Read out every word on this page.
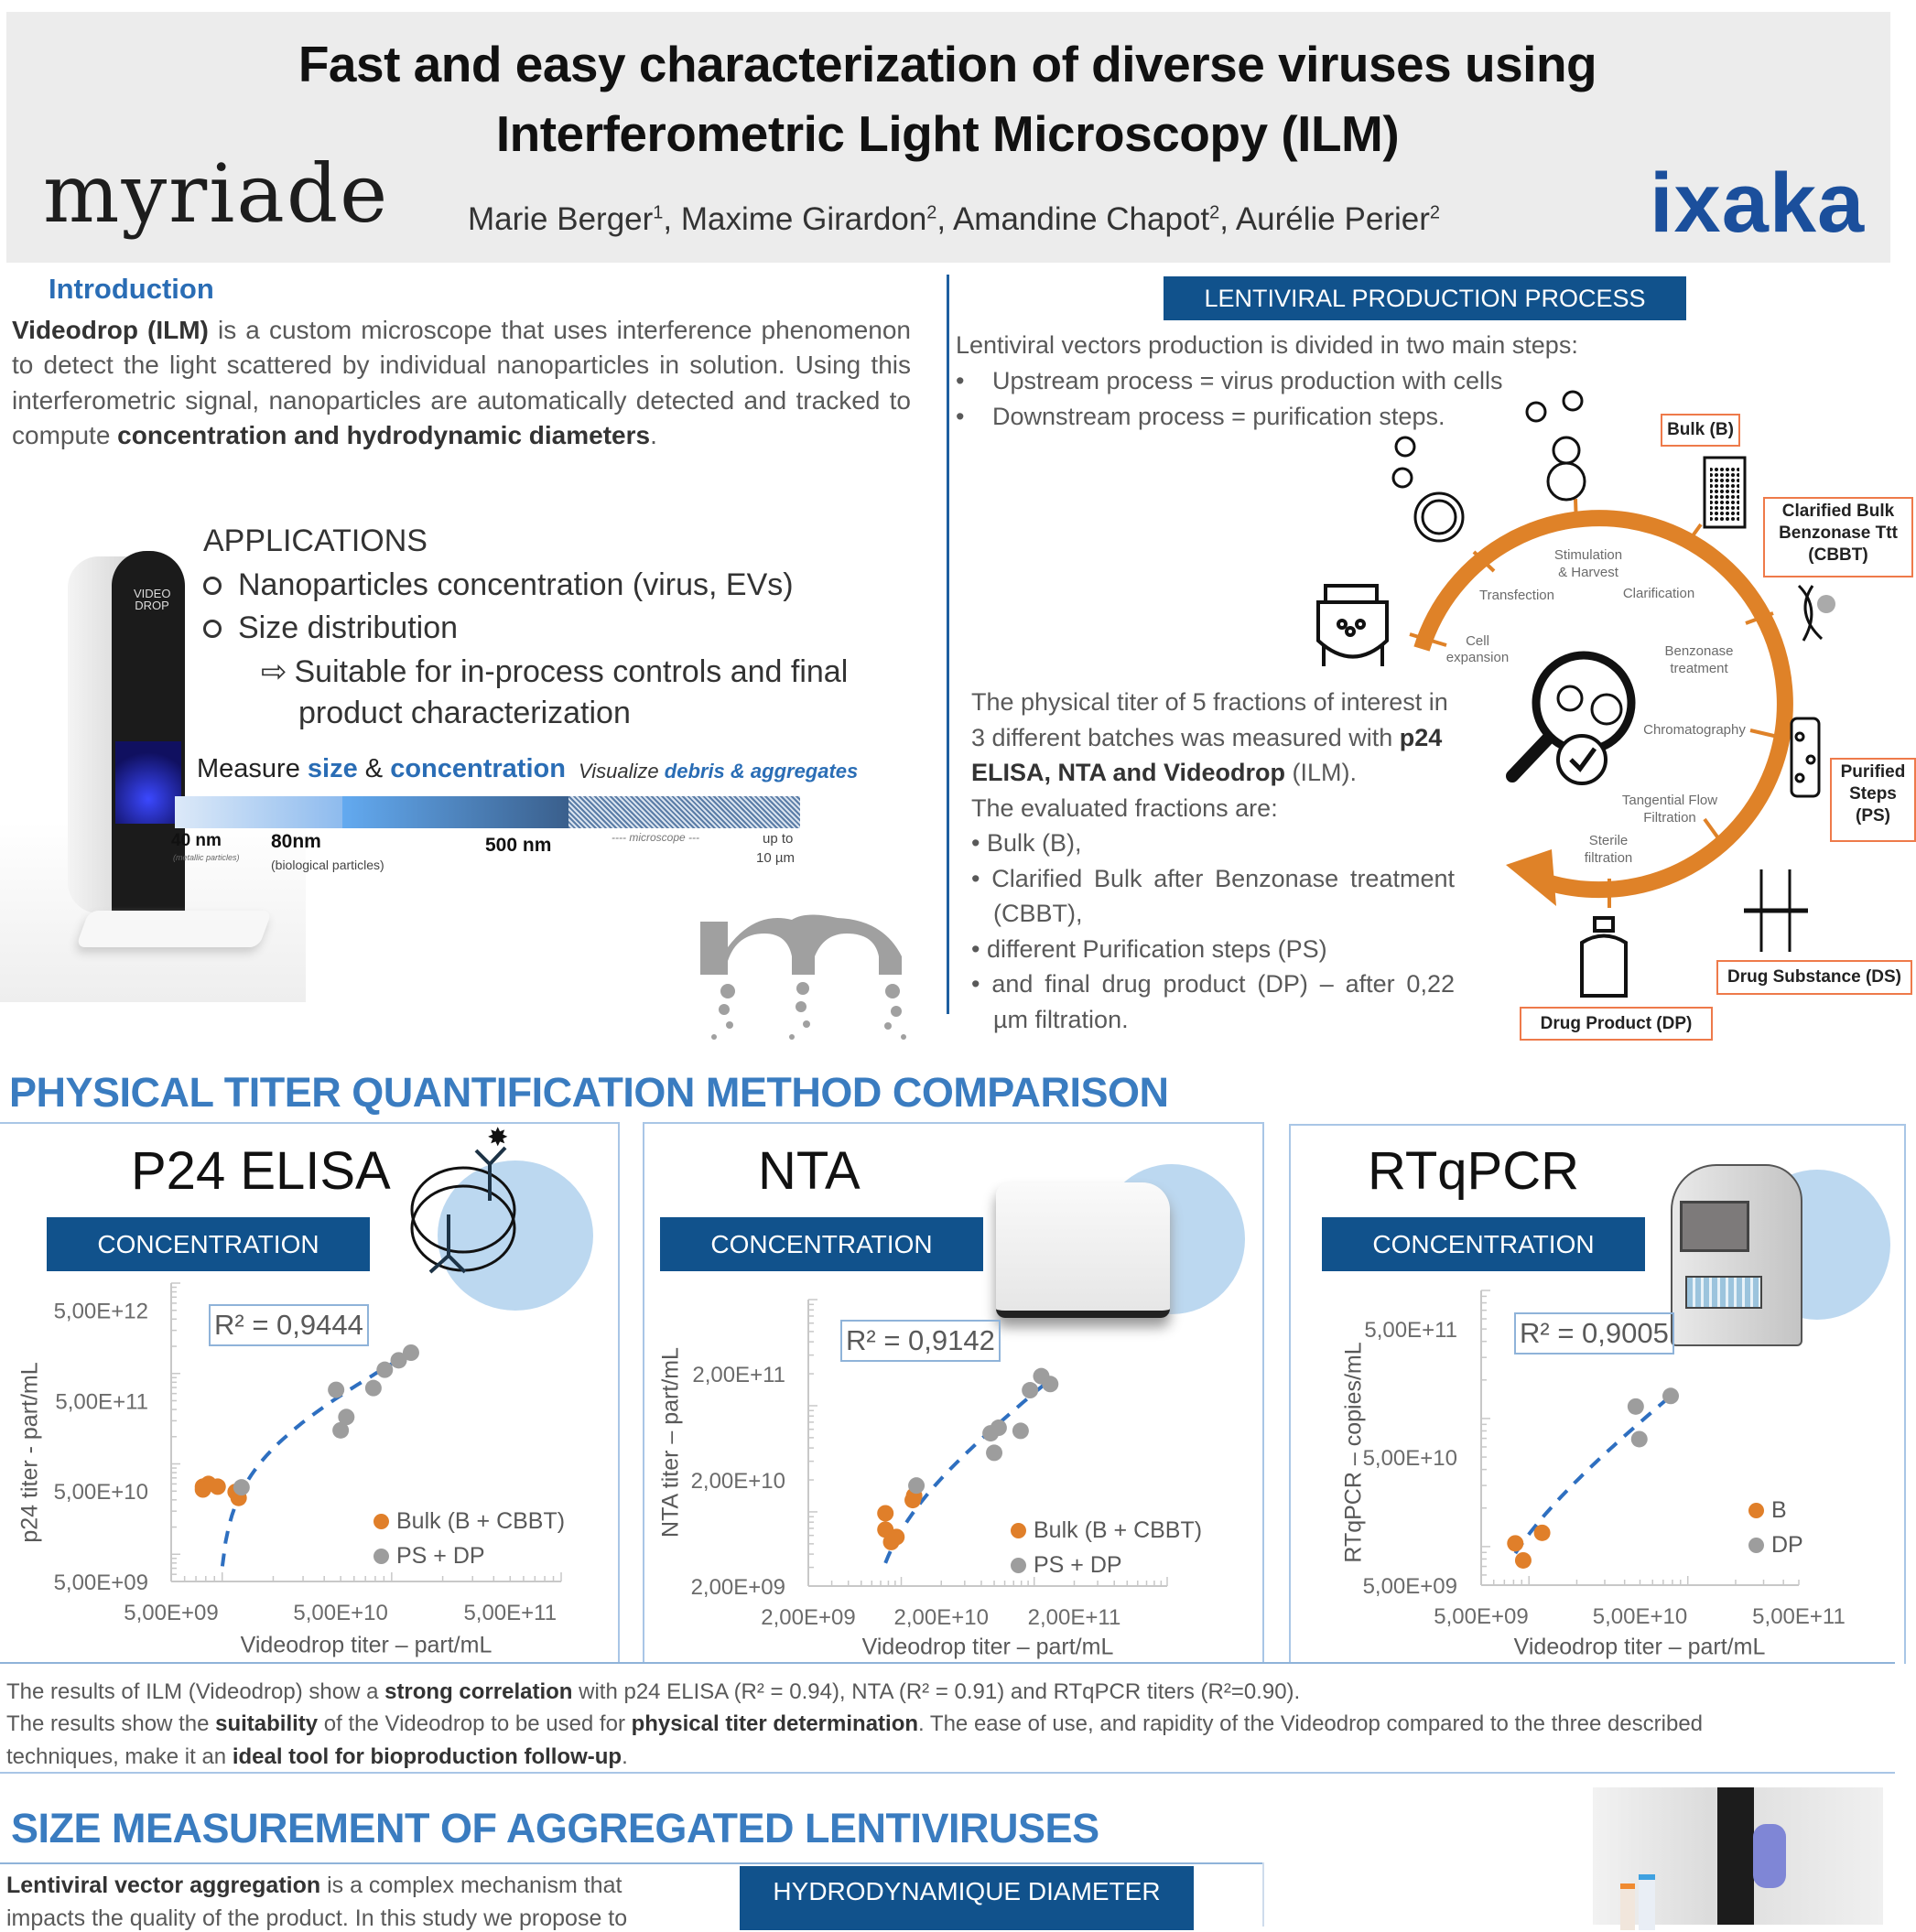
Fast and easy characterization of diverse viruses using
Interferometric Light Microscopy (ILM)
myriade	ixaka
Marie Berger$^1$, Maxime Girardon$^2$, Amandine Chapot$^2$, Aurélie Perier$^2$
Introduction
Videodrop (ILM) is a custom microscope that uses interference phenomenon to detect the light scattered by individual nanoparticles in solution. Using this interferometric signal, nanoparticles are automatically detected and tracked to compute concentration and hydrodynamic diameters.
VIDEO DROP
APPLICATIONS
Nanoparticles concentration (virus, EVs)
Size distribution
⇨ Suitable for in-process controls and final
product characterization
Measure size & concentration Visualize debris & aggregates
40 nm
(metallic particles)
80nm
(biological particles)
500 nm	---- microscope ---	up to
10 µm
LENTIVIRAL PRODUCTION PROCESS
Lentiviral vectors production is divided in two main steps:
• Upstream process = virus production with cells
• Downstream process = purification steps.
Cell
expansion
Transfection
Stimulation
& Harvest
Clarification
Benzonase
treatment
Chromatography
Tangential Flow
Filtration
Sterile
filtration
Bulk (B)
Clarified Bulk
Benzonase Ttt
(CBBT)
Purified
Steps
(PS)
Drug Substance (DS)
Drug Product (DP)
The physical titer of 5 fractions of interest in 3 different batches was measured with p24 ELISA, NTA and Videodrop (ILM).
The evaluated fractions are:
• Bulk (B),
• Clarified Bulk after Benzonase treatment (CBBT),
• different Purification steps (PS)
• and final drug product (DP) – after 0,22 µm filtration.
PHYSICAL TITER QUANTIFICATION METHOD COMPARISON
✸
P24 ELISA
CONCENTRATION
R² = 0,9444
Bulk (B + CBBT)
PS + DP
p24 titer - part/mL
Videodrop titer – part/mL
NTA
CONCENTRATION
R² = 0,9142
Bulk (B + CBBT)
PS + DP
NTA titer – part/mL
Videodrop titer – part/mL
RTqPCR
CONCENTRATION
R² = 0,9005
B
DP
RTqPCR – copies/mL
Videodrop titer – part/mL
5,00E+09	5,00E+10	5,00E+11
5,00E+09
5,00E+10
5,00E+11
5,00E+12
2,00E+09 2,00E+10 2,00E+11
2,00E+09
2,00E+10
2,00E+11
5,00E+09	5,00E+10	5,00E+11
5,00E+09
5,00E+10
5,00E+11
The results of ILM (Videodrop) show a strong correlation with p24 ELISA (R² = 0.94), NTA (R² = 0.91) and RTqPCR titers (R²=0.90).
The results show the suitability of the Videodrop to be used for physical titer determination. The ease of use, and rapidity of the Videodrop compared to the three described
techniques, make it an ideal tool for bioproduction follow-up.
SIZE MEASUREMENT OF AGGREGATED LENTIVIRUSES
Lentiviral vector aggregation is a complex mechanism that
impacts the quality of the product. In this study we propose to
HYDRODYNAMIQUE DIAMETER
